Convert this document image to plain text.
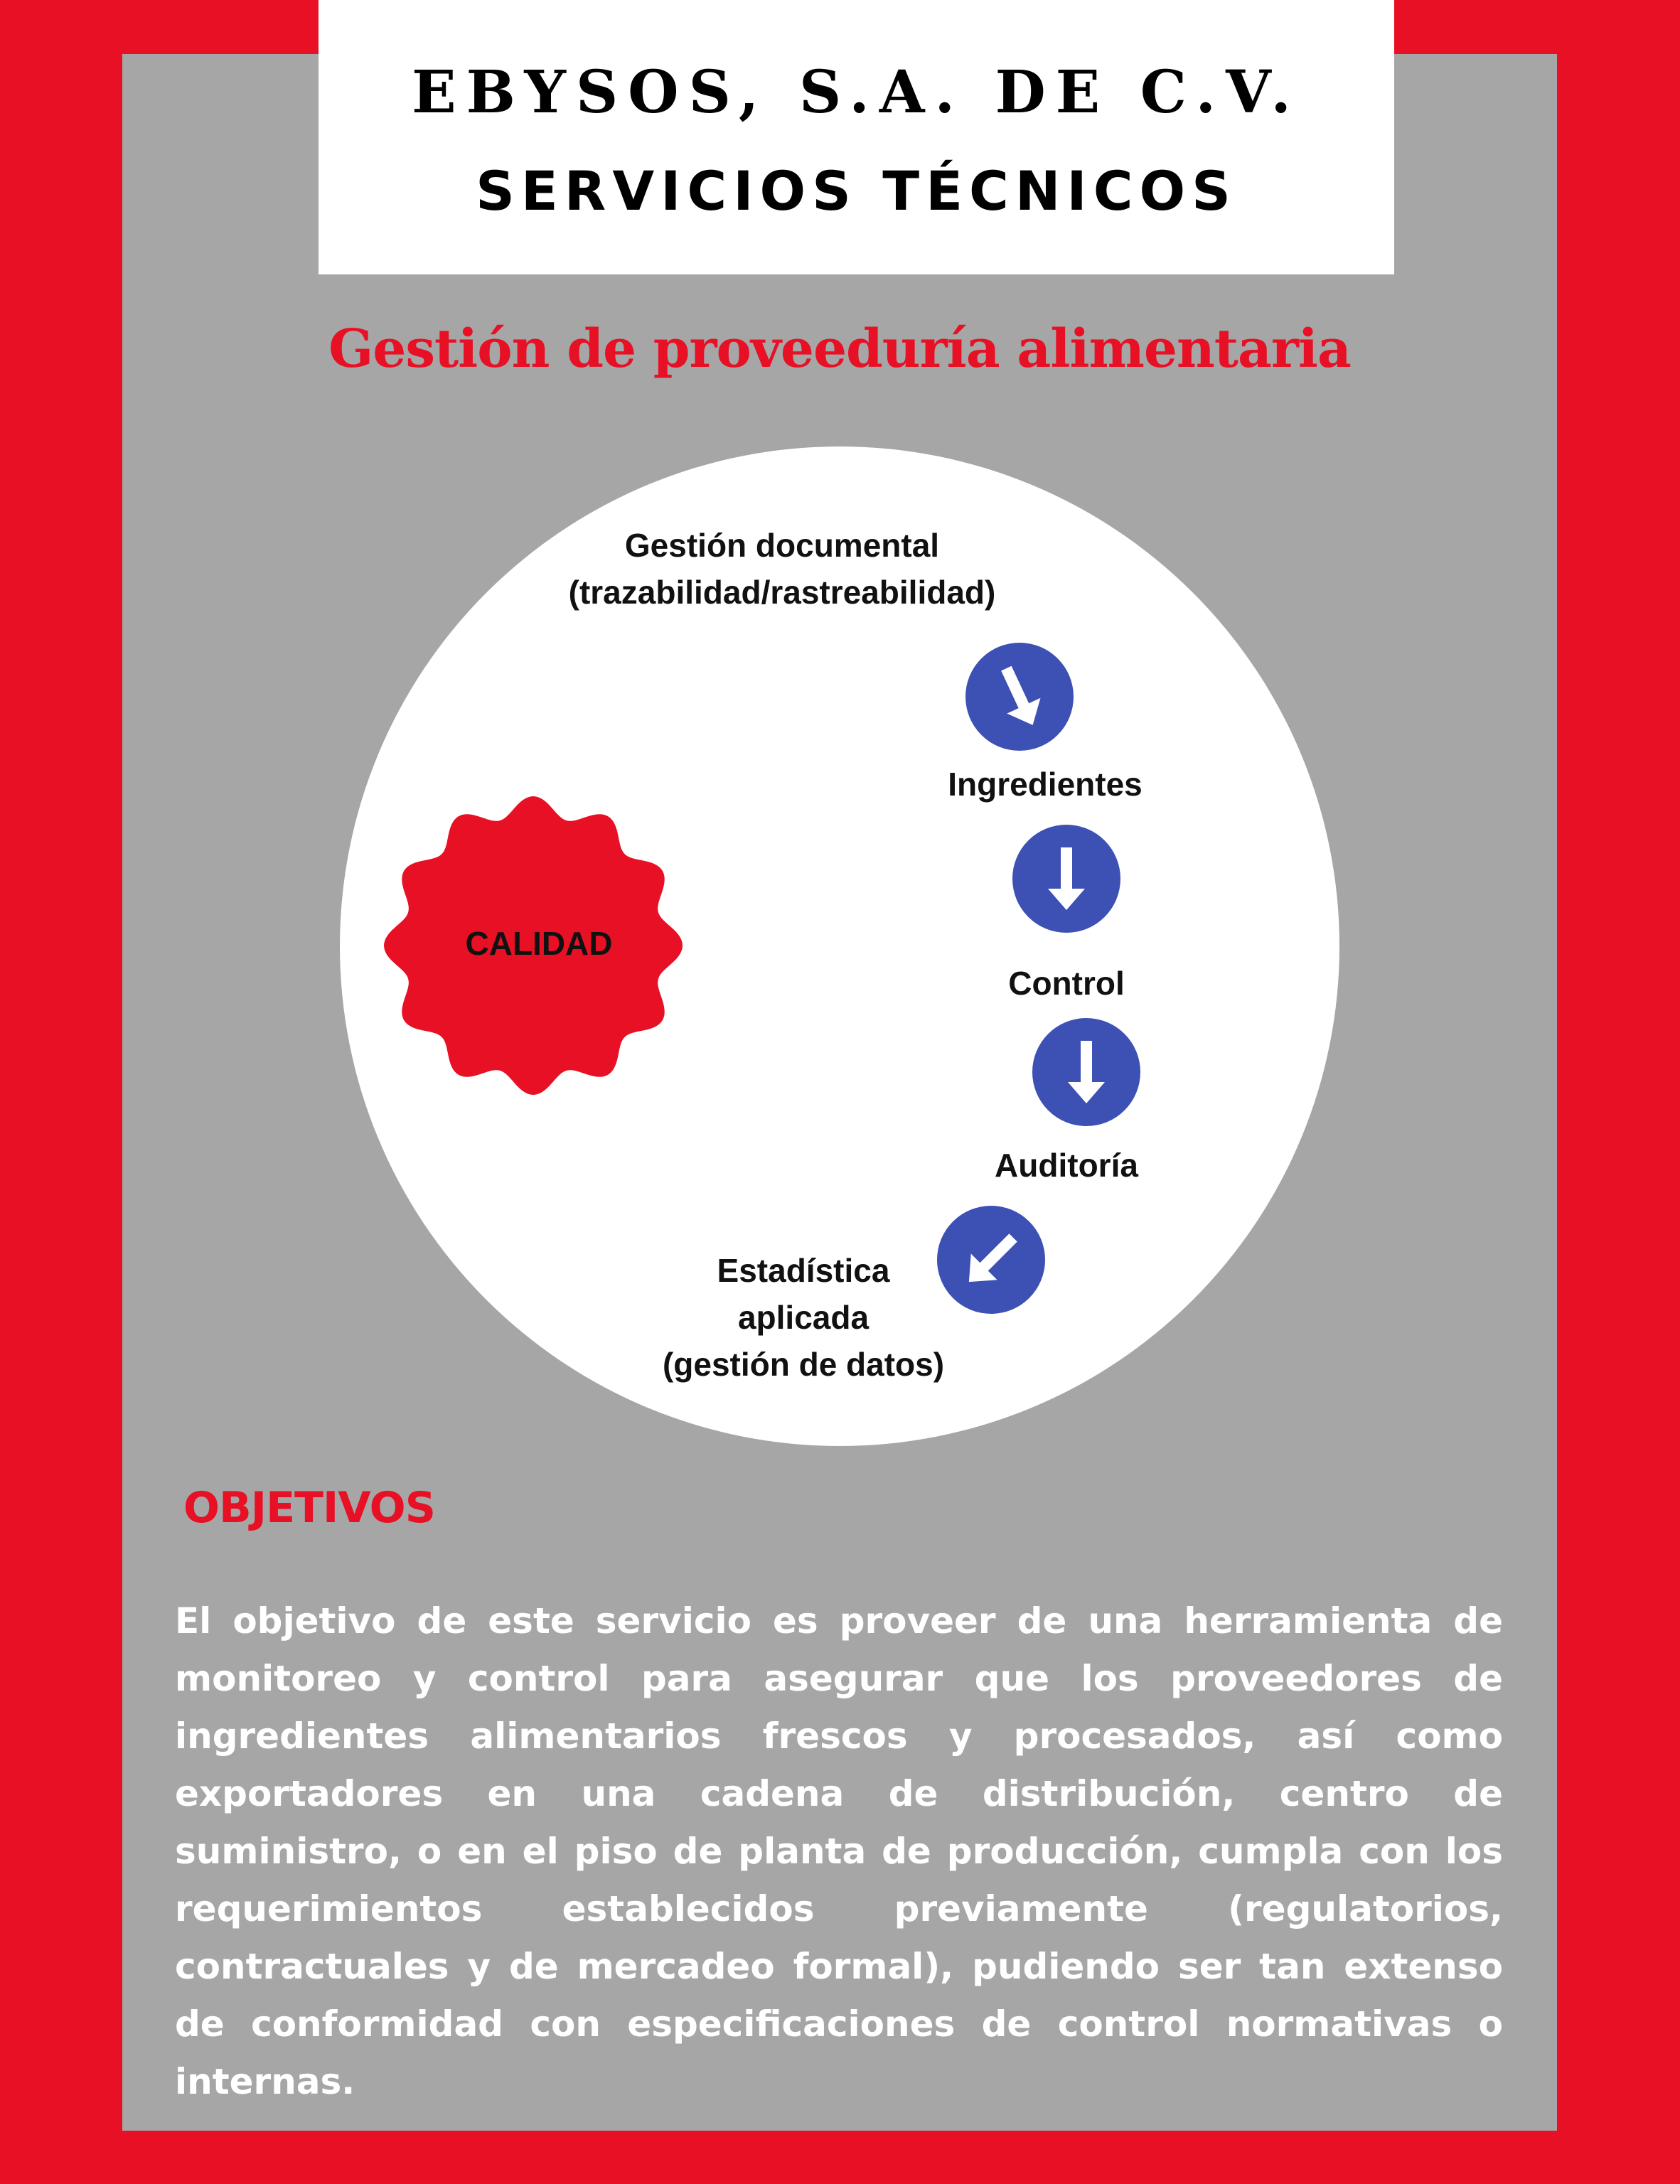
EBYSOS, S.A. DE C.V.
SERVICIOS TÉCNICOS
Gestión de proveeduría alimentaria
CALIDAD
Gestión documental
(trazabilidad/rastreabilidad)
Ingredientes
Control
Auditoría
Estadística
aplicada
(gestión de datos)
OBJETIVOS
El objetivo de este servicio es proveer de una herramienta de monitoreo y control para asegurar que los proveedores de ingredientes alimentarios frescos y procesados, así como exportadores en una cadena de distribución, centro de suministro, o en el piso de planta de producción, cumpla con los requerimientos establecidos previamente (regulatorios, contractuales y de mercadeo formal), pudiendo ser tan extenso de conformidad con especificaciones de control normativas o internas.
